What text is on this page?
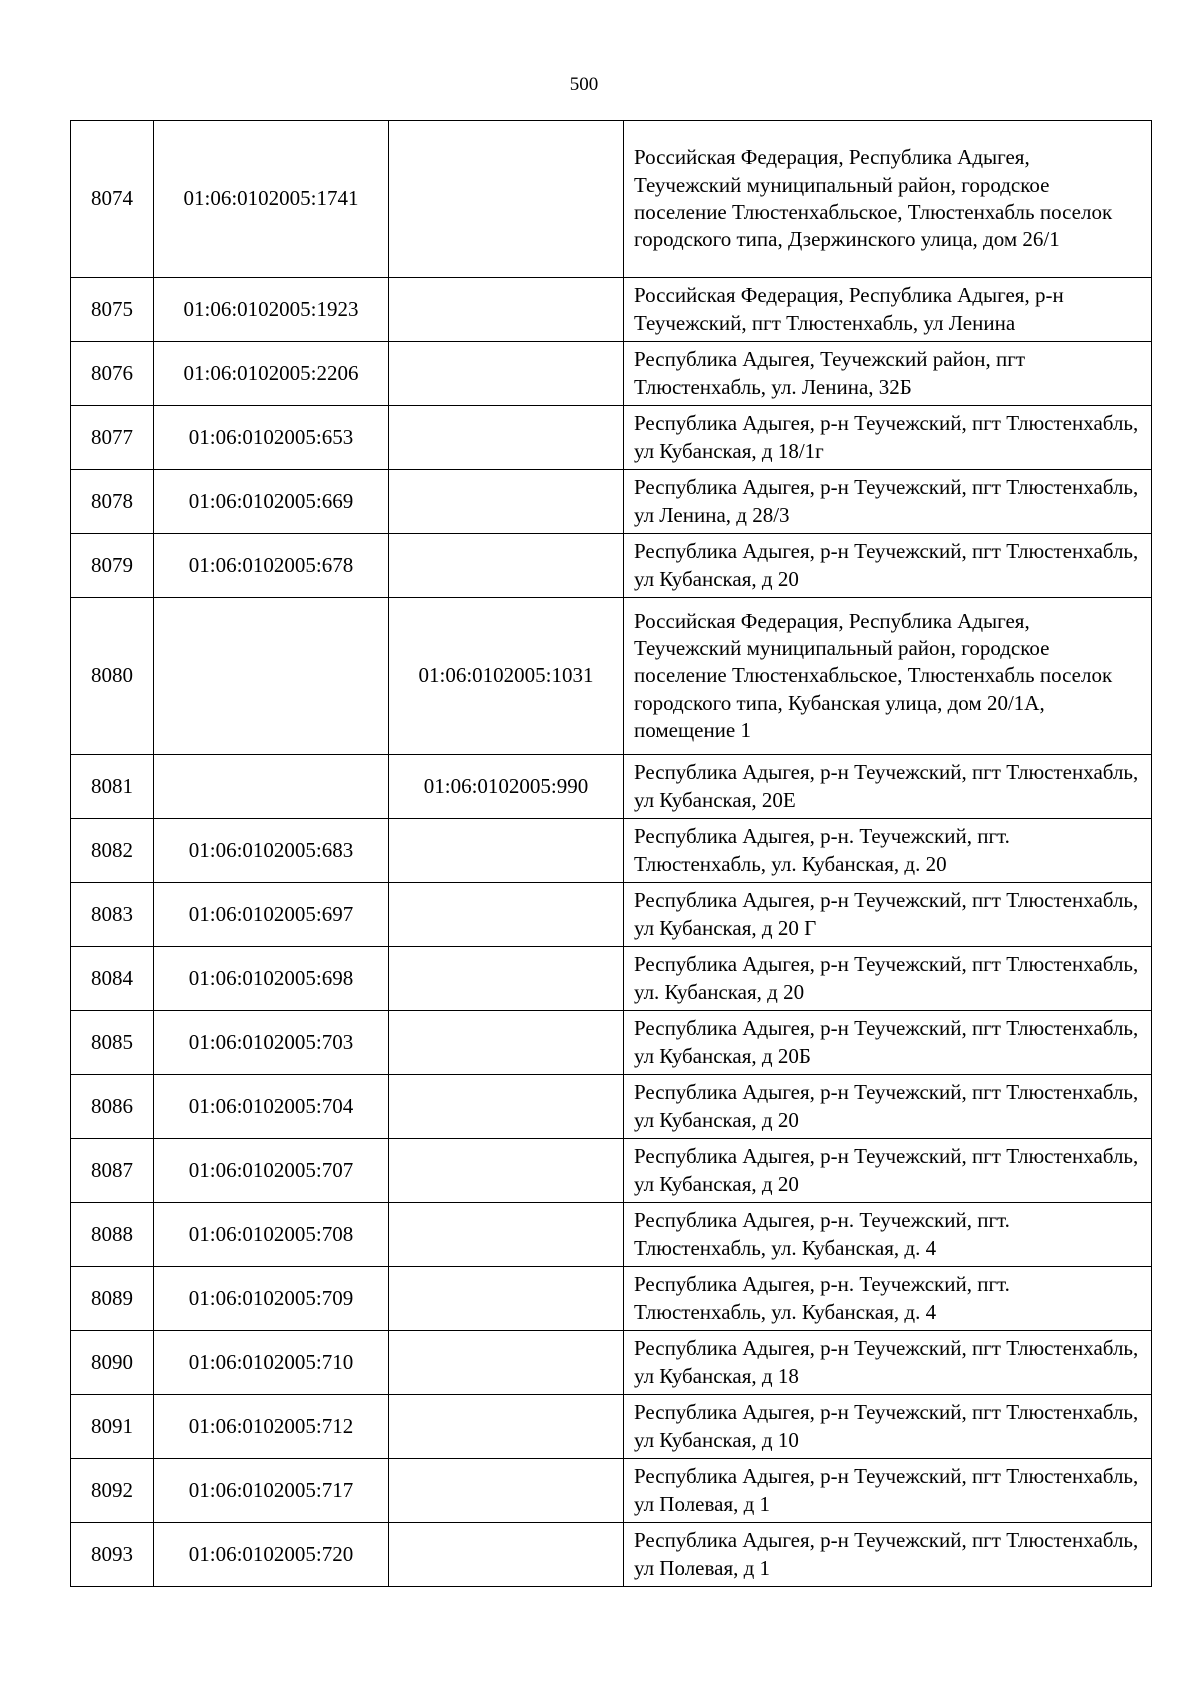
500
8074	01:06:0102005:1741		Российская Федерация, Республика Адыгея, Теучежский муниципальный район, городское поселение Тлюстенхабльское, Тлюстенхабль поселок городского типа, Дзержинского улица, дом 26/1
8075	01:06:0102005:1923		Российская Федерация, Республика Адыгея, р-н Теучежский, пгт Тлюстенхабль, ул Ленина
8076	01:06:0102005:2206		Республика Адыгея, Теучежский район, пгт Тлюстенхабль, ул. Ленина, 32Б
8077	01:06:0102005:653		Республика Адыгея, р-н Теучежский, пгт Тлюстенхабль, ул Кубанская, д 18/1г
8078	01:06:0102005:669		Республика Адыгея, р-н Теучежский, пгт Тлюстенхабль, ул Ленина, д 28/3
8079	01:06:0102005:678		Республика Адыгея, р-н Теучежский, пгт Тлюстенхабль, ул Кубанская, д 20
8080		01:06:0102005:1031	Российская Федерация, Республика Адыгея, Теучежский муниципальный район, городское поселение Тлюстенхабльское, Тлюстенхабль поселок городского типа, Кубанская улица, дом 20/1А, помещение 1
8081		01:06:0102005:990	Республика Адыгея, р-н Теучежский, пгт Тлюстенхабль, ул Кубанская, 20Е
8082	01:06:0102005:683		Республика Адыгея, р-н. Теучежский, пгт. Тлюстенхабль, ул. Кубанская, д. 20
8083	01:06:0102005:697		Республика Адыгея, р-н Теучежский, пгт Тлюстенхабль, ул Кубанская, д 20 Г
8084	01:06:0102005:698		Республика Адыгея, р-н Теучежский, пгт Тлюстенхабль, ул. Кубанская, д 20
8085	01:06:0102005:703		Республика Адыгея, р-н Теучежский, пгт Тлюстенхабль, ул Кубанская, д 20Б
8086	01:06:0102005:704		Республика Адыгея, р-н Теучежский, пгт Тлюстенхабль, ул Кубанская, д 20
8087	01:06:0102005:707		Республика Адыгея, р-н Теучежский, пгт Тлюстенхабль, ул Кубанская, д 20
8088	01:06:0102005:708		Республика Адыгея, р-н. Теучежский, пгт. Тлюстенхабль, ул. Кубанская, д. 4
8089	01:06:0102005:709		Республика Адыгея, р-н. Теучежский, пгт. Тлюстенхабль, ул. Кубанская, д. 4
8090	01:06:0102005:710		Республика Адыгея, р-н Теучежский, пгт Тлюстенхабль, ул Кубанская, д 18
8091	01:06:0102005:712		Республика Адыгея, р-н Теучежский, пгт Тлюстенхабль, ул Кубанская, д 10
8092	01:06:0102005:717		Республика Адыгея, р-н Теучежский, пгт Тлюстенхабль, ул Полевая, д 1
8093	01:06:0102005:720		Республика Адыгея, р-н Теучежский, пгт Тлюстенхабль, ул Полевая, д 1
